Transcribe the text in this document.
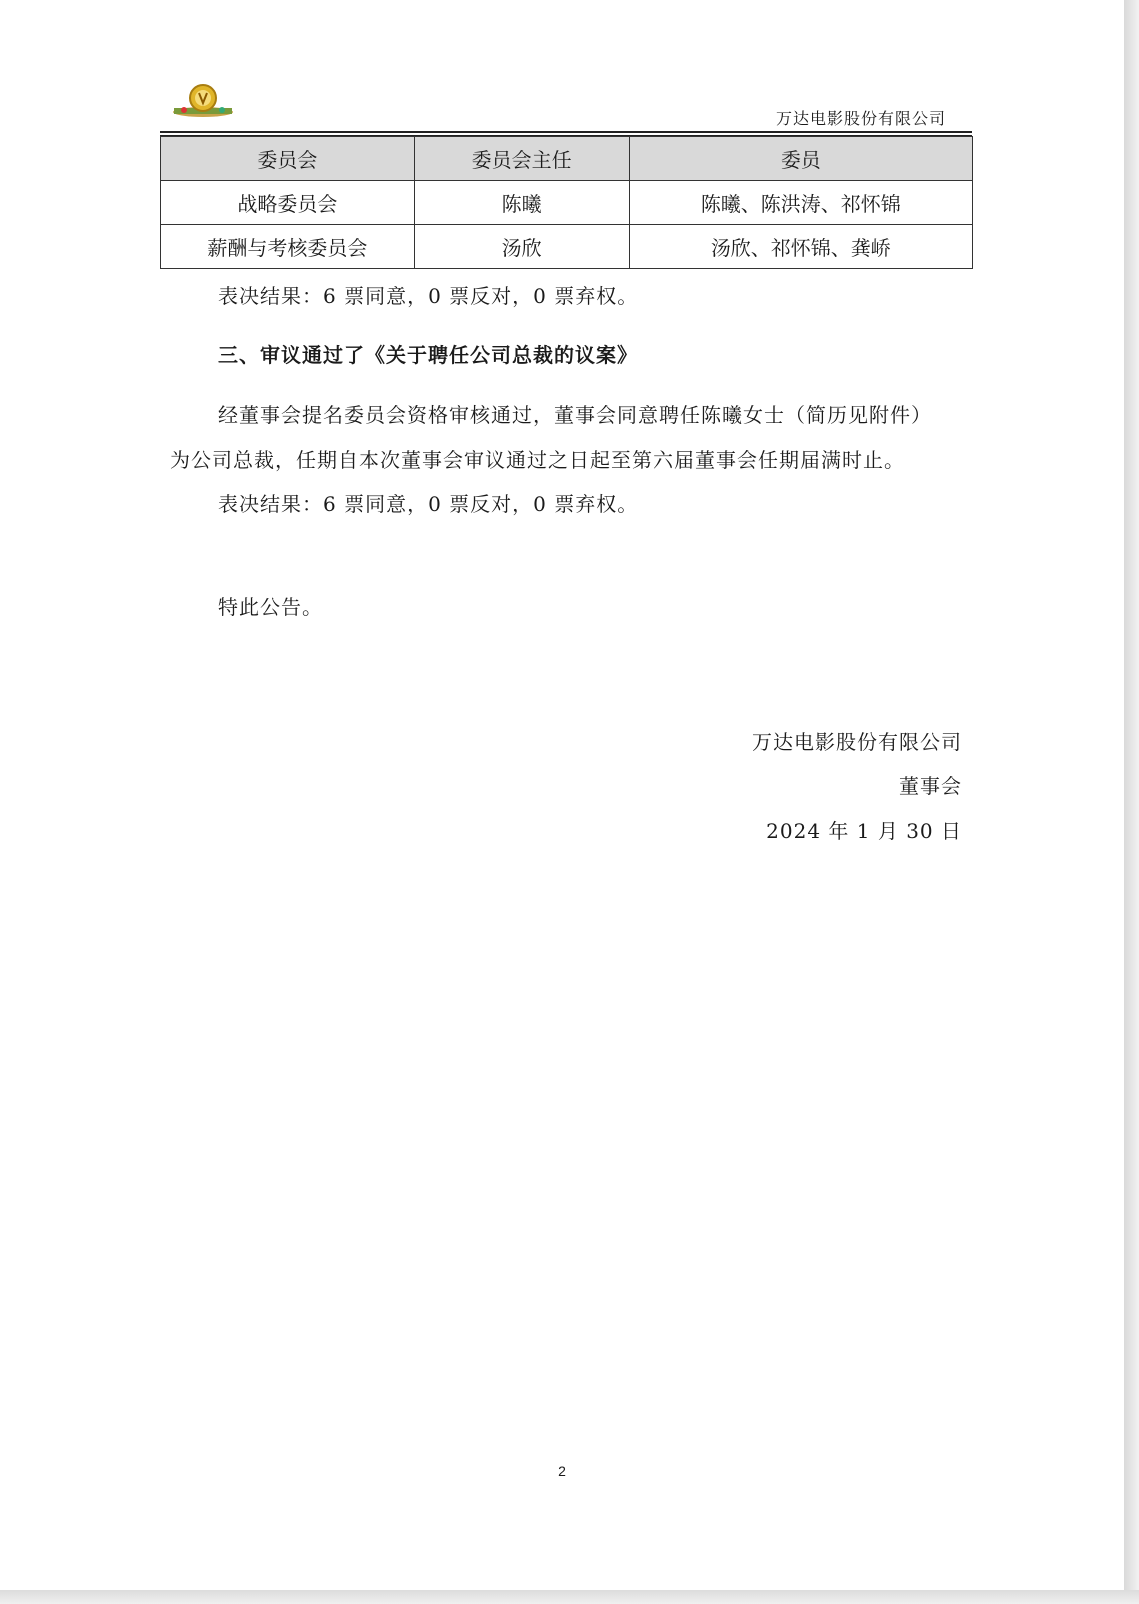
万达电影股份有限公司
委员会	委员会主任	委员
战略委员会	陈曦	陈曦、陈洪涛、祁怀锦
薪酬与考核委员会	汤欣	汤欣、祁怀锦、龚峤
表决结果：6 票同意，0 票反对，0 票弃权。
三、审议通过了《关于聘任公司总裁的议案》
经董事会提名委员会资格审核通过，董事会同意聘任陈曦女士（简历见附件）
为公司总裁，任期自本次董事会审议通过之日起至第六届董事会任期届满时止。
表决结果：6 票同意，0 票反对，0 票弃权。
特此公告。
万达电影股份有限公司
董事会
2024 年 1 月 30 日
2
